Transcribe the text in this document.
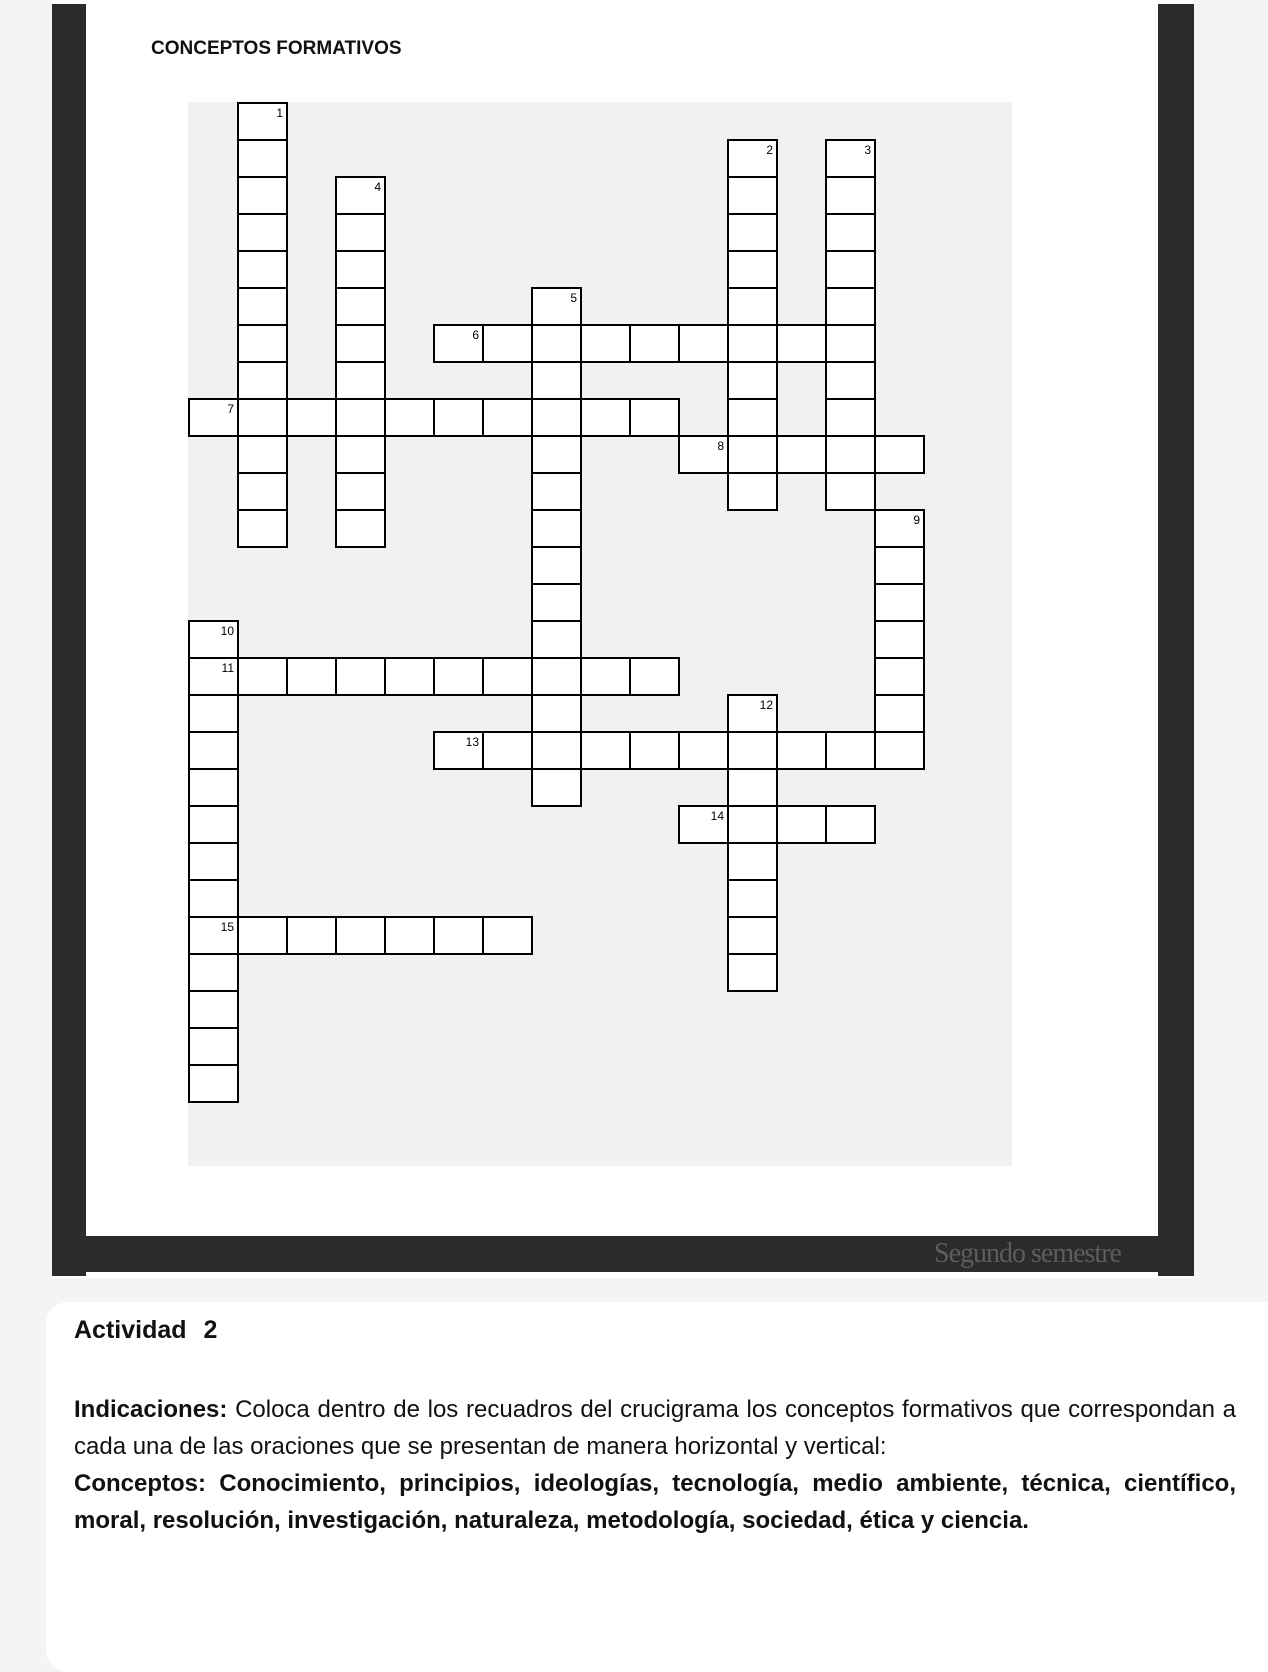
Segundo semestre
CONCEPTOS FORMATIVOS
1
4
2	3
5
6
7
8
9
10
11
12
13
14
15
Actividad 2
Indicaciones: Coloca dentro de los recuadros del crucigrama los conceptos formativos que correspondan a cada una de las oraciones que se presentan de manera horizontal y vertical:
Conceptos: Conocimiento, principios, ideologías, tecnología, medio ambiente, técnica, científico, moral, resolución, investigación, naturaleza, metodología, sociedad, ética y ciencia.
